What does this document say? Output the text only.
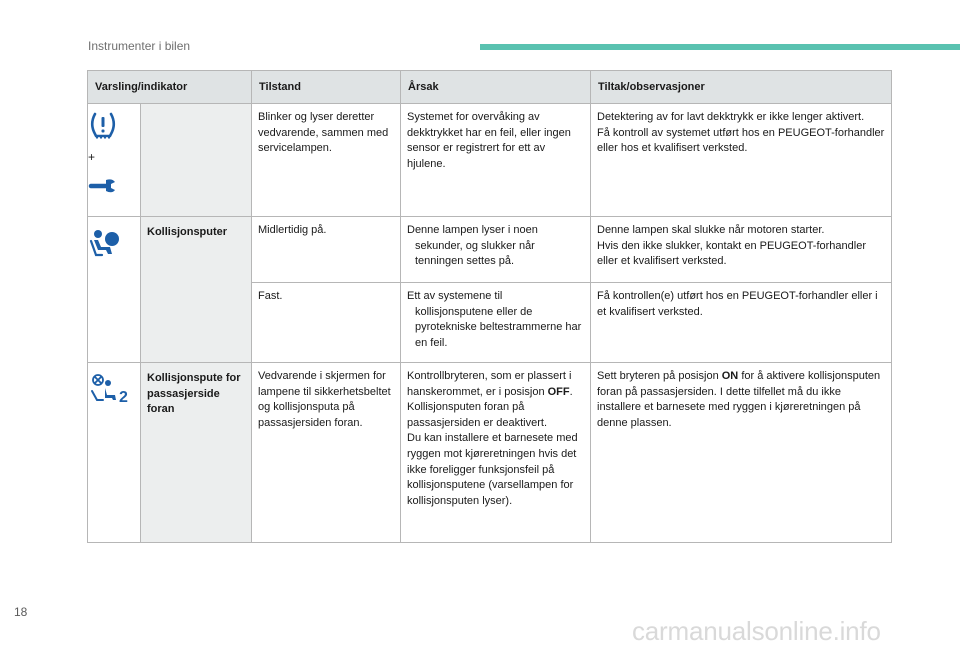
Instrumenter i bilen
Varsling/indikator		Tilstand	Årsak	Tiltak/observasjoner

+		Blinker og lyser deretter vedvarende, sammen med servicelampen.	Systemet for overvåking av dekktrykket har en feil, eller ingen sensor er registrert for ett av hjulene.	Detektering av for lavt dekktrykk er ikke lenger aktivert.
Få kontroll av systemet utført hos en PEUGEOT-forhandler eller hos et kvalifisert verksted.
	Kollisjonsputer	Midlertidig på.	Denne lampen lyser i noen
sekunder, og slukker når tenningen settes på.	Denne lampen skal slukke når motoren starter.
Hvis den ikke slukker, kontakt en PEUGEOT-forhandler eller et kvalifisert verksted.
		Fast.	Ett av systemene til
kollisjonsputene eller de pyrotekniske beltestrammerne har en feil.	Få kontrollen(e) utført hos en PEUGEOT-forhandler eller i et kvalifisert verksted.

2	Kollisjonspute for passasjerside foran	Vedvarende i skjermen for lampene til sikkerhetsbeltet og kollisjonsputa på passasjersiden foran.	Kontrollbryteren, som er plassert i hanskerommet, er i posisjon OFF.
Kollisjonsputen foran på passasjersiden er deaktivert.
Du kan installere et barnesete med ryggen mot kjøreretningen hvis det ikke foreligger funksjonsfeil på kollisjonsputene (varsellampen for kollisjonsputen lyser).	Sett bryteren på posisjon ON for å aktivere kollisjonsputen foran på passasjersiden. I dette tilfellet må du ikke installere et barnesete med ryggen i kjøreretningen på denne plassen.
18
carmanualsonline.info
